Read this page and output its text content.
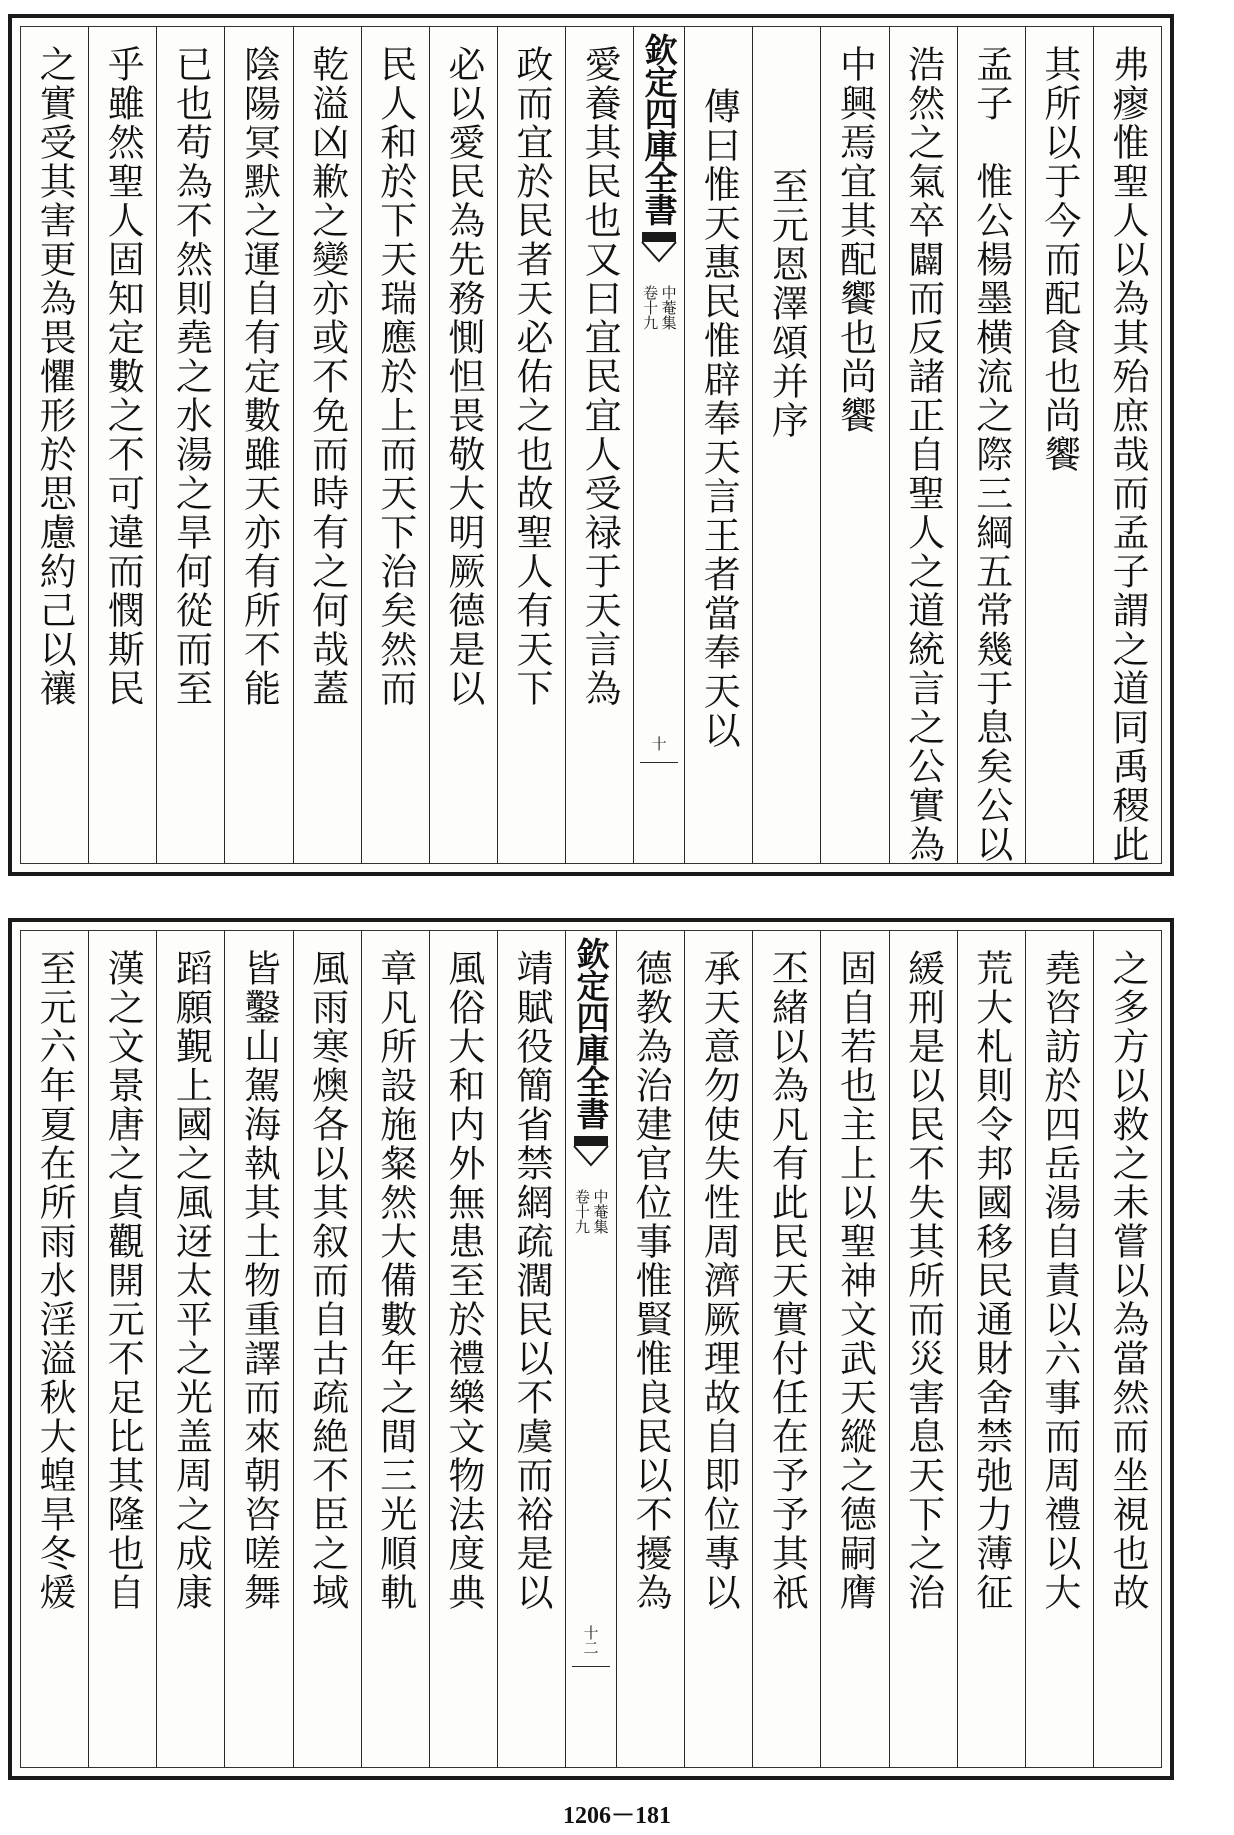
弗瘳惟聖人以為其殆庶哉而孟子謂之道同禹稷此
其所以于今而配食也尚饗
孟子　惟公楊墨横流之際三綱五常幾于息矣公以
浩然之氣卒闢而反諸正自聖人之道統言之公實為
中興焉宜其配饗也尚饗
至元恩澤頌并序
傳曰惟天惠民惟辟奉天言王者當奉天以
欽定四庫全書
中菴集
卷十九
十
愛養其民也又曰宜民宜人受禄于天言為
政而宜於民者天必佑之也故聖人有天下
必以愛民為先務惻怛畏敬大明厥德是以
民人和於下天瑞應於上而天下治矣然而
乾溢凶歉之變亦或不免而時有之何哉蓋
陰陽冥默之運自有定數雖天亦有所不能
已也苟為不然則堯之水湯之旱何從而至
乎雖然聖人固知定數之不可違而憫斯民
之實受其害更為畏懼形於思慮約己以禳
之多方以救之未嘗以為當然而坐視也故
堯咨訪於四岳湯自責以六事而周禮以大
荒大札則令邦國移民通財舍禁弛力薄征
緩刑是以民不失其所而災害息天下之治
固自若也主上以聖神文武天縱之德嗣膺
丕緒以為凡有此民天實付任在予予其祇
承天意勿使失性周濟厥理故自即位專以
德教為治建官位事惟賢惟良民以不擾為
欽定四庫全書
中菴集
卷十九
十二
靖賦役簡省禁網疏濶民以不虞而裕是以
風俗大和内外無患至於禮樂文物法度典
章凡所設施粲然大備數年之間三光順軌
風雨寒燠各以其叙而自古疏絶不臣之域
皆鑿山駕海執其土物重譯而來朝咨嗟舞
蹈願覲上國之風迓太平之光盖周之成康
漢之文景唐之貞觀開元不足比其隆也自
至元六年夏在所雨水淫溢秋大蝗旱冬煖
1206－181
